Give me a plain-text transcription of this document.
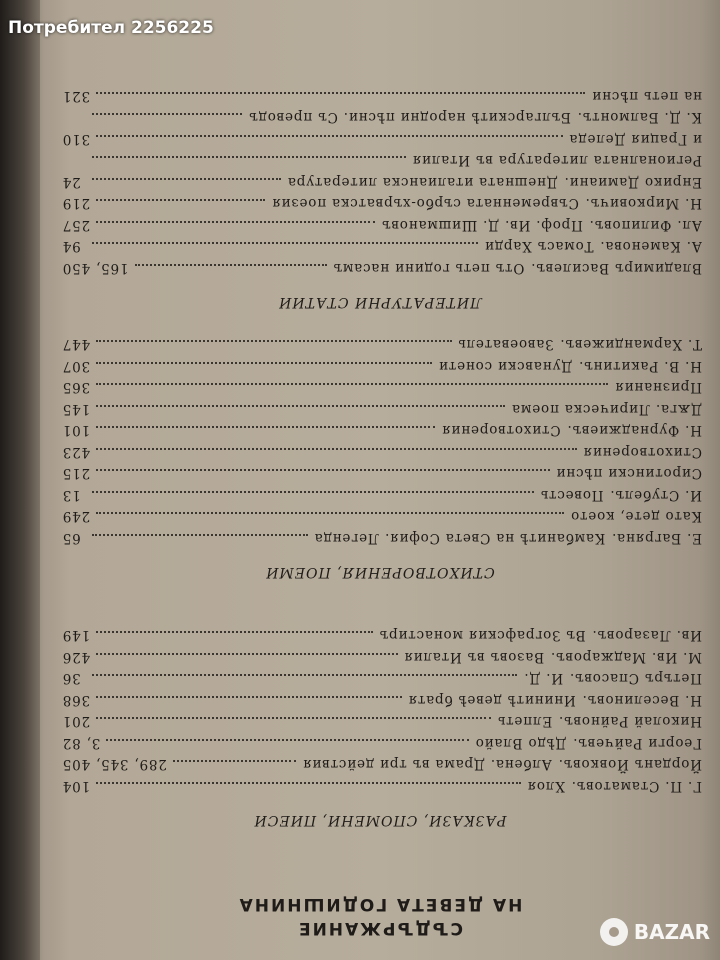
Потребител 2256225
BAZAR
СЪДЪРЖАНИЕ
НА ДЕВЕТА ГОДИШНИНА
РАЗКАЗИ, СПОМЕНИ, ПИЕСИ
Г. П. Стаматовъ.
Хлоя
104
Йорданъ Йовковъ.
Албена. Драма въ три действия
289, 345, 405
Георги Райчевъ.
Дѣдо Влайо
3, 82
Николай Райновъ.
Елпеть
201
Н. Веселиновъ.
Ининитѣ девеѣ братя
368
Петъръ Спасовъ.
И. Д.
36
М. Ив. Маджаровъ.
Вазовъ въ Италия
426
Ив. Лазаровъ.
Въ Зографския монастиръ
149
СТИХОТВОРЕНИЯ, ПОЕМИ
Е. Багряна.
Камбанитѣ на Света София. Легенда
65
Като дете, което
249
И. Стубелъ.
Повесть
13
Сиротински пѣсни
215
Стихотворения
423
Н. Фурнаджиевъ.
Стихотворения
101
Дѫга. Лирическа поема
145
Признания
365
Н. В. Ракитинъ.
Дунавски сонети
307
Т. Хармандижевъ.
Завоеватель
447
ЛИТЕРАТУРНИ СТАТИИ
Владимиръ Василевъ.
Отъ петь години насамъ
165, 450
А. Каменова.
Томасъ Харди
94
Ал. Филиповъ.
Проф. Ив. Д. Шишмановъ
257
Н. Мирковичъ.
Съвременната сърбо-хърватска поезия
219
Енрико Дамиани.
Днешната италианска литература
24
Регионалната литература въ Италия
и Грация Деледа
310
К. Д. Балмонтъ.
Българскитѣ народни пѣсни. Съ преводъ
на петь пѣсни
321
